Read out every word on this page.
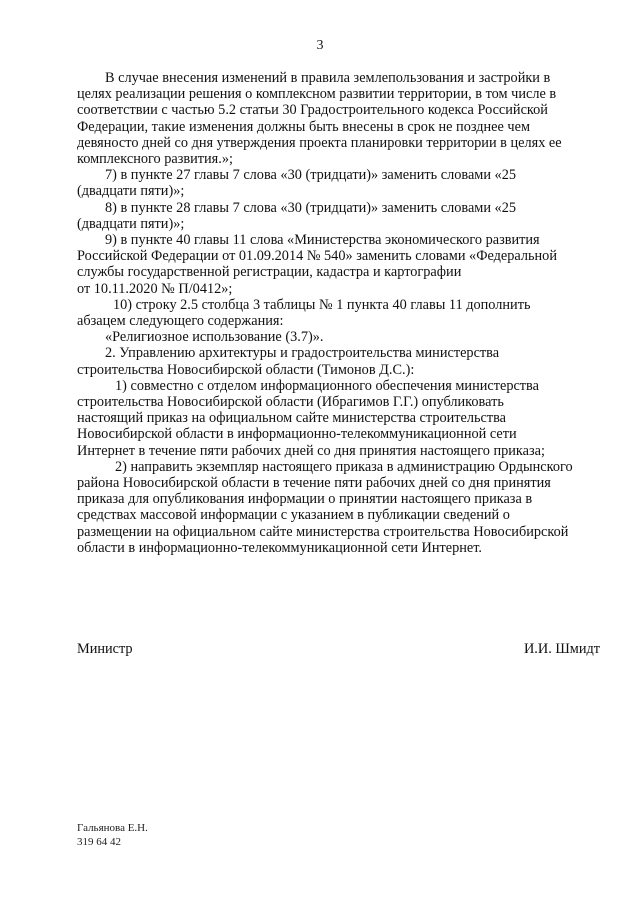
3

В случае внесения изменений в правила землепользования и застройки в
целях реализации решения о комплексном развитии территории, в том числе в
соответствии с частью 5.2 статьи 30 Градостроительного кодекса Российской
Федерации, такие изменения должны быть внесены в срок не позднее чем
девяносто дней со дня утверждения проекта планировки территории в целях ее
комплексного развития.»;

7) в пункте 27 главы 7 слова «30 (тридцати)» заменить словами «25
(двадцати пяти)»;

8) в пункте 28 главы 7 слова «30 (тридцати)» заменить словами «25
(двадцати пяти)»;

9) в пункте 40 главы 11 слова «Министерства экономического развития
Российской Федерации от 01.09.2014 № 540» заменить словами «Федеральной
службы государственной регистрации, кадастра и картографии
от 10.11.2020 № П/0412»;

10) строку 2.5 столбца 3 таблицы № 1 пункта 40 главы 11 дополнить
абзацем следующего содержания:

«Религиозное использование (3.7)».

2. Управлению архитектуры и градостроительства министерства
строительства Новосибирской области (Тимонов Д.С.):

1) совместно с отделом информационного обеспечения министерства
строительства Новосибирской области (Ибрагимов Г.Г.) опубликовать
настоящий приказ на официальном сайте министерства строительства
Новосибирской области в информационно-телекоммуникационной сети
Интернет в течение пяти рабочих дней со дня принятия настоящего приказа;

2) направить экземпляр настоящего приказа в администрацию Ордынского
района Новосибирской области в течение пяти рабочих дней со дня принятия
приказа для опубликования информации о принятии настоящего приказа в
средствах массовой информации с указанием в публикации сведений о
размещении на официальном сайте министерства строительства Новосибирской
области в информационно-телекоммуникационной сети Интернет.

Министр	И.И. Шмидт
Гальянова Е.Н.
319 64 42
